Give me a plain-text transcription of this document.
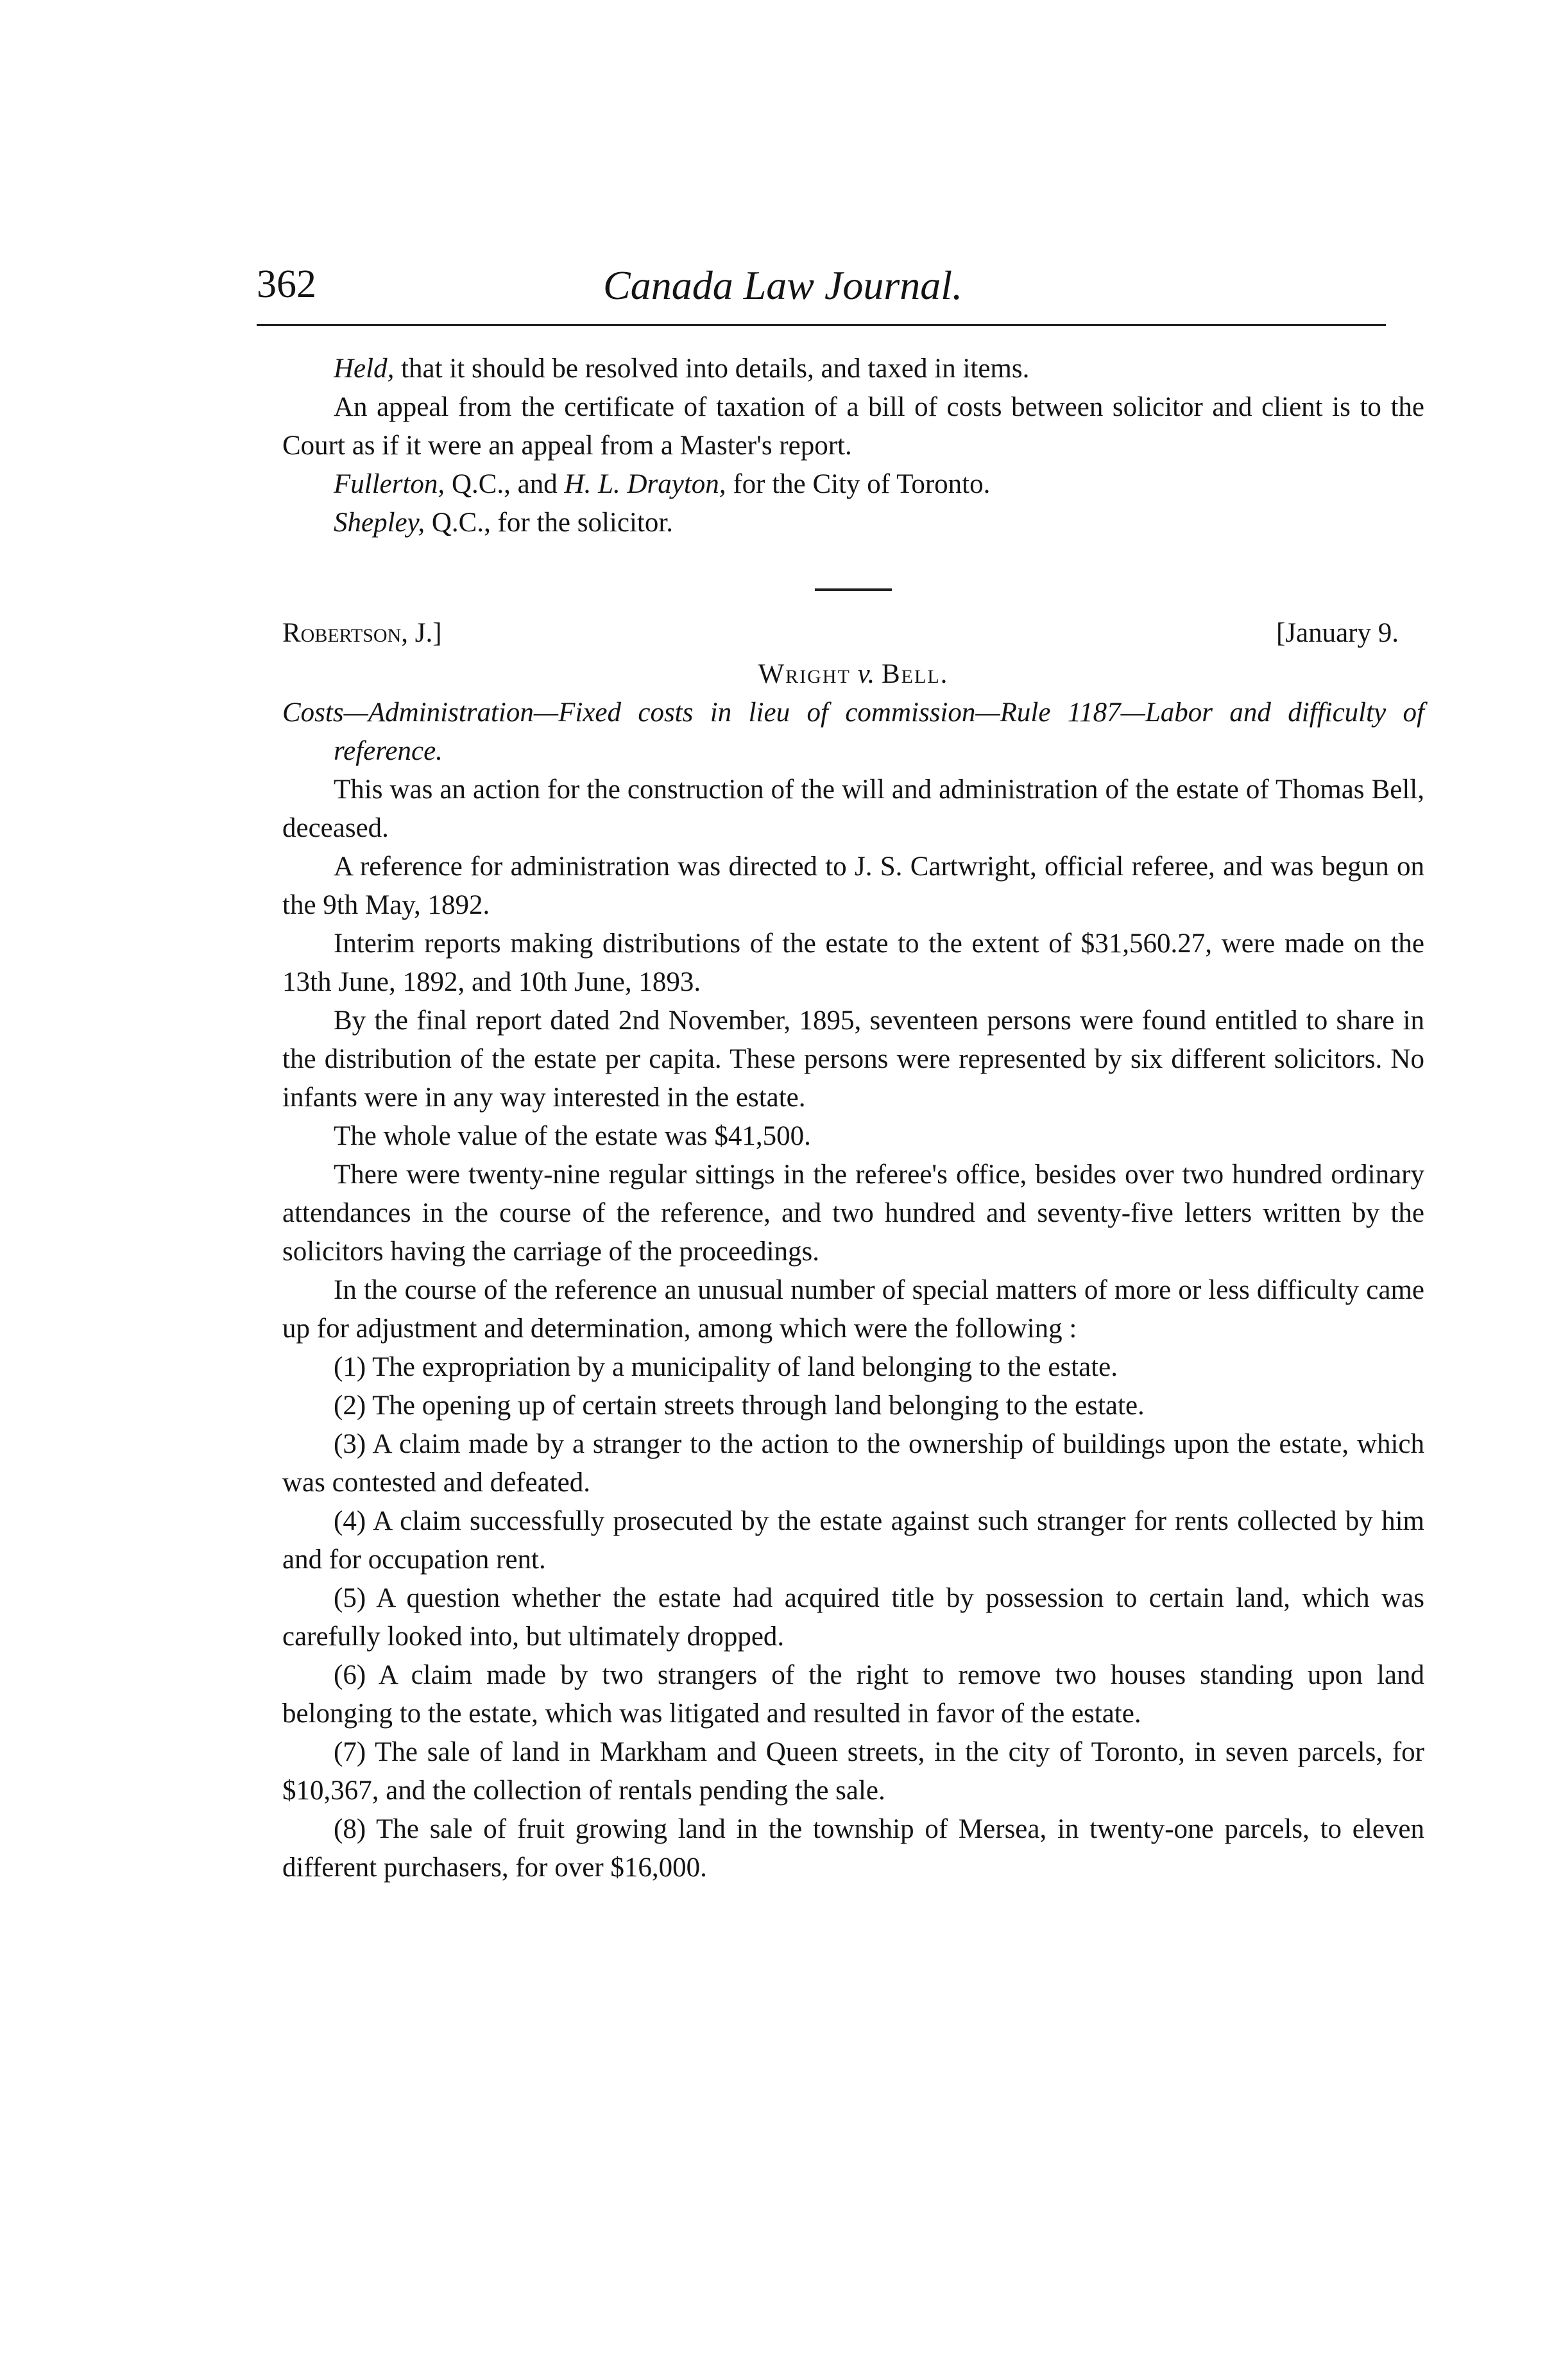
362	Canada Law Journal.

Held, that it should be resolved into details, and taxed in items.

An appeal from the certificate of taxation of a bill of costs between solicitor and client is to the Court as if it were an appeal from a Master's report.

Fullerton, Q.C., and H. L. Drayton, for the City of Toronto.

Shepley, Q.C., for the solicitor.

Robertson, J.]	[January 9.

Wright v. Bell.

Costs—Administration—Fixed costs in lieu of commission—Rule 1187—Labor and difficulty of reference.

This was an action for the construction of the will and administration of the estate of Thomas Bell, deceased.

A reference for administration was directed to J. S. Cartwright, official referee, and was begun on the 9th May, 1892.

Interim reports making distributions of the estate to the extent of $31,560.27, were made on the 13th June, 1892, and 10th June, 1893.

By the final report dated 2nd November, 1895, seventeen persons were found entitled to share in the distribution of the estate per capita. These persons were represented by six different solicitors. No infants were in any way interested in the estate.

The whole value of the estate was $41,500.

There were twenty-nine regular sittings in the referee's office, besides over two hundred ordinary attendances in the course of the reference, and two hundred and seventy-five letters written by the solicitors having the carriage of the proceedings.

In the course of the reference an unusual number of special matters of more or less difficulty came up for adjustment and determination, among which were the following :

(1) The expropriation by a municipality of land belonging to the estate.

(2) The opening up of certain streets through land belonging to the estate.

(3) A claim made by a stranger to the action to the ownership of buildings upon the estate, which was contested and defeated.

(4) A claim successfully prosecuted by the estate against such stranger for rents collected by him and for occupation rent.

(5) A question whether the estate had acquired title by possession to certain land, which was carefully looked into, but ultimately dropped.

(6) A claim made by two strangers of the right to remove two houses standing upon land belonging to the estate, which was litigated and resulted in favor of the estate.

(7) The sale of land in Markham and Queen streets, in the city of Toronto, in seven parcels, for $10,367, and the collection of rentals pending the sale.

(8) The sale of fruit growing land in the township of Mersea, in twenty-one parcels, to eleven different purchasers, for over $16,000.
